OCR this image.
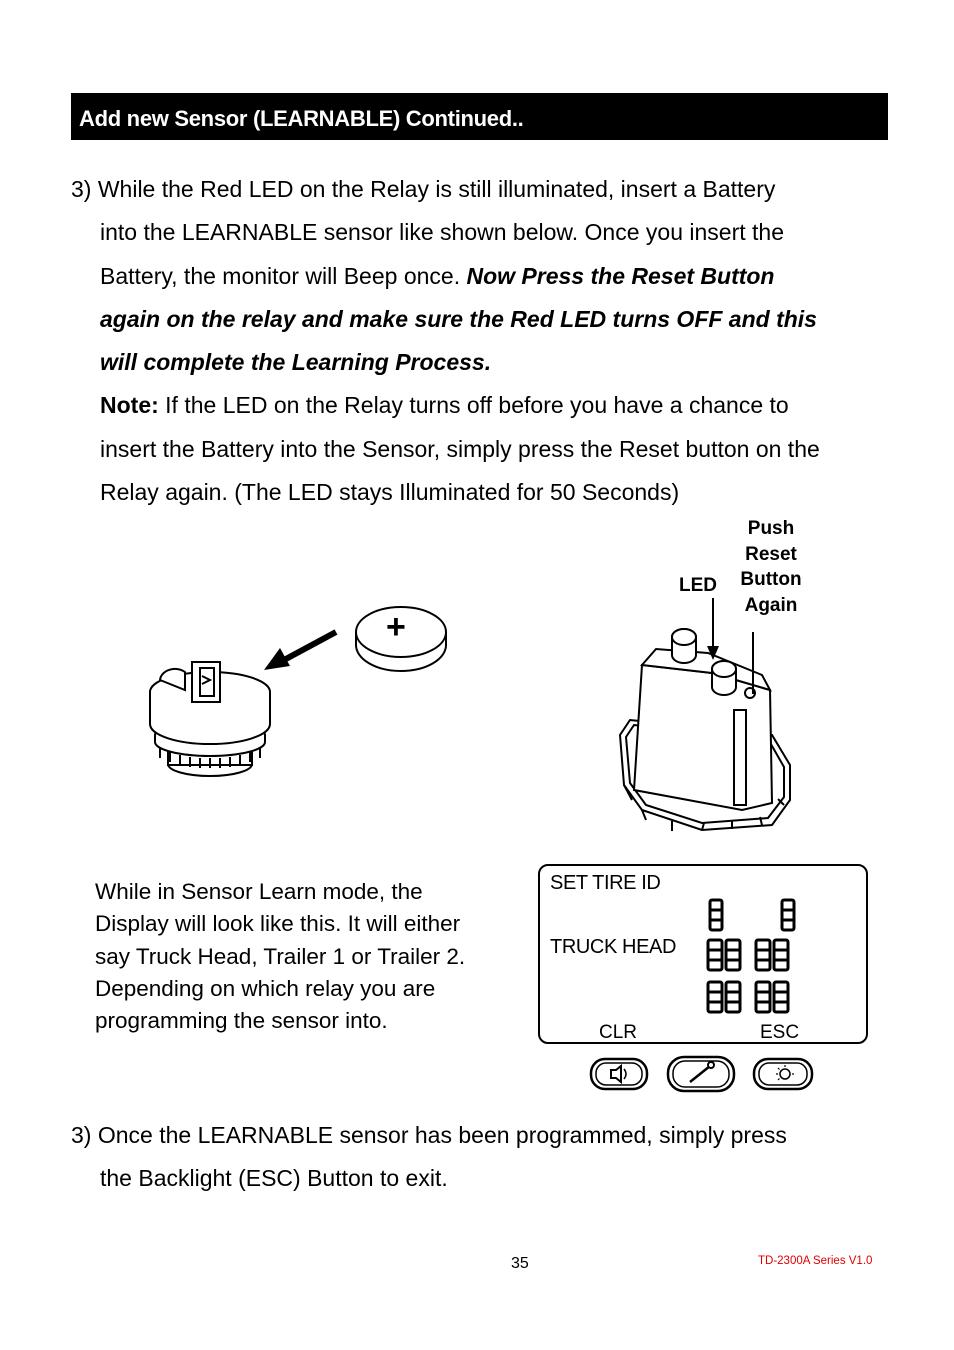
Add new Sensor (LEARNABLE) Continued..
3) While the Red LED on the Relay is still illuminated, insert a Battery
into the LEARNABLE sensor like shown below. Once you insert the
Battery, the monitor will Beep once. Now Press the Reset Button
again on the relay and make sure the Red LED turns OFF and this
will complete the Learning Process.
Note: If the LED on the Relay turns off before you have a chance to
insert the Battery into the Sensor, simply press the Reset button on the
Relay again. (The LED stays Illuminated for 50 Seconds)
+
LED
Push
Reset
Button
Again
While in Sensor Learn mode, the
Display will look like this. It will either
say Truck Head, Trailer 1 or Trailer 2.
Depending on which relay you are
programming the sensor into.
SET TIRE ID
TRUCK HEAD
CLR	ESC
3) Once the LEARNABLE sensor has been programmed, simply press
the Backlight (ESC) Button to exit.
35	TD-2300A Series V1.0
